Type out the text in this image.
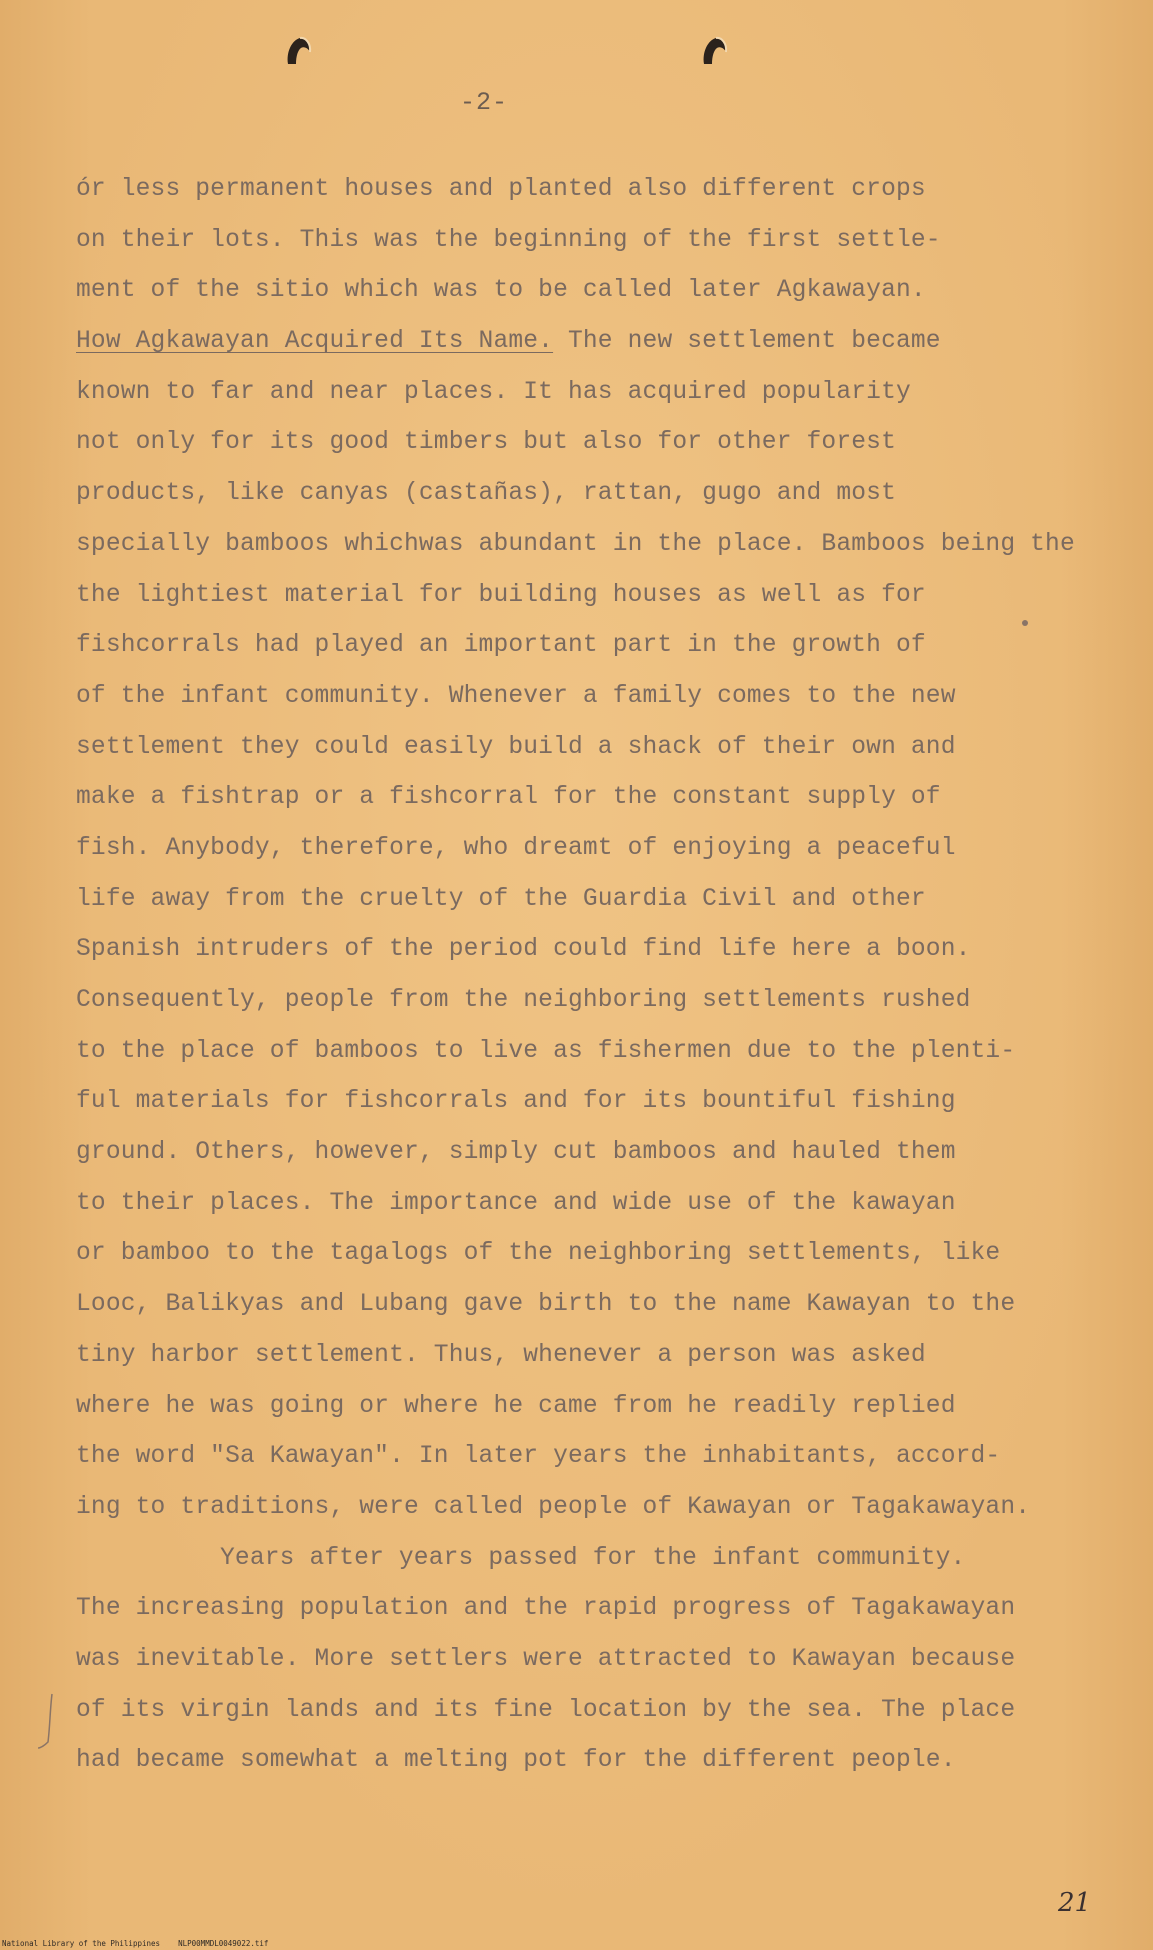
-2-
ór less permanent houses and planted also different crops
on their lots. This was the beginning of the first settle-
ment of the sitio which was to be called later Agkawayan.
How Agkawayan Acquired Its Name. The new settlement became
known to far and near places. It has acquired popularity
not only for its good timbers but also for other forest
products, like canyas (castañas), rattan, gugo and most
specially bamboos whichwas abundant in the place. Bamboos being the
the lightiest material for building houses as well as for
fishcorrals had played an important part in the growth of
of the infant community. Whenever a family comes to the new
settlement they could easily build a shack of their own and
make a fishtrap or a fishcorral for the constant supply of
fish. Anybody, therefore, who dreamt of enjoying a peaceful
life away from the cruelty of the Guardia Civil and other
Spanish intruders of the period could find life here a boon.
Consequently, people from the neighboring settlements rushed
to the place of bamboos to live as fishermen due to the plenti-
ful materials for fishcorrals and for its bountiful fishing
ground. Others, however, simply cut bamboos and hauled them
to their places. The importance and wide use of the kawayan
or bamboo to the tagalogs of the neighboring settlements, like
Looc, Balikyas and Lubang gave birth to the name Kawayan to the
tiny harbor settlement. Thus, whenever a person was asked
where he was going or where he came from he readily replied
the word "Sa Kawayan". In later years the inhabitants, accord-
ing to traditions, were called people of Kawayan or Tagakawayan.
Years after years passed for the infant community.
The increasing population and the rapid progress of Tagakawayan
was inevitable. More settlers were attracted to Kawayan because
of its virgin lands and its fine location by the sea. The place
had became somewhat a melting pot for the different people.
21
National Library of the Philippines    NLP00MMDL0049022.tif
